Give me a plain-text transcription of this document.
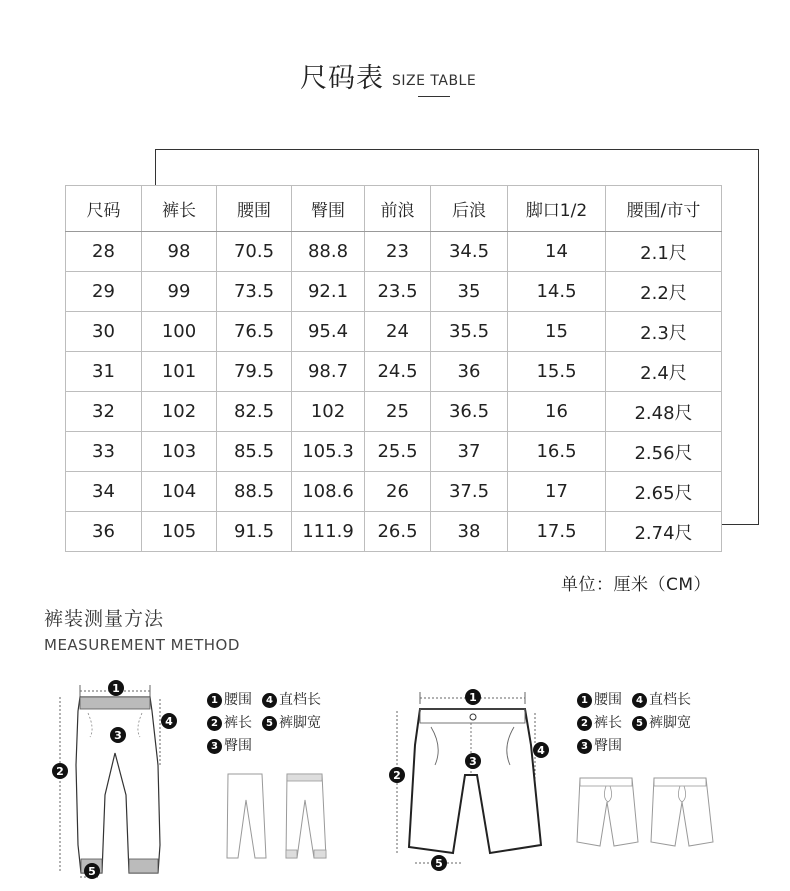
尺码表 SIZE TABLE
尺码	裤长	腰围	臀围	前浪	后浪	脚口1/2	腰围/市寸
28	98	70.5	88.8	23	34.5	14	2.1尺
29	99	73.5	92.1	23.5	35	14.5	2.2尺
30	100	76.5	95.4	24	35.5	15	2.3尺
31	101	79.5	98.7	24.5	36	15.5	2.4尺
32	102	82.5	102	25	36.5	16	2.48尺
33	103	85.5	105.3	25.5	37	16.5	2.56尺
34	104	88.5	108.6	26	37.5	17	2.65尺
36	105	91.5	111.9	26.5	38	17.5	2.74尺
单位：厘米（CM）
裤装测量方法
MEASUREMENT METHOD
1
2
3
4
5
1 腰围	4 直档长
2 裤长	5 裤脚宽
3 臀围
1
2
3
4
5
1 腰围	4 直档长
2 裤长	5 裤脚宽
3 臀围
